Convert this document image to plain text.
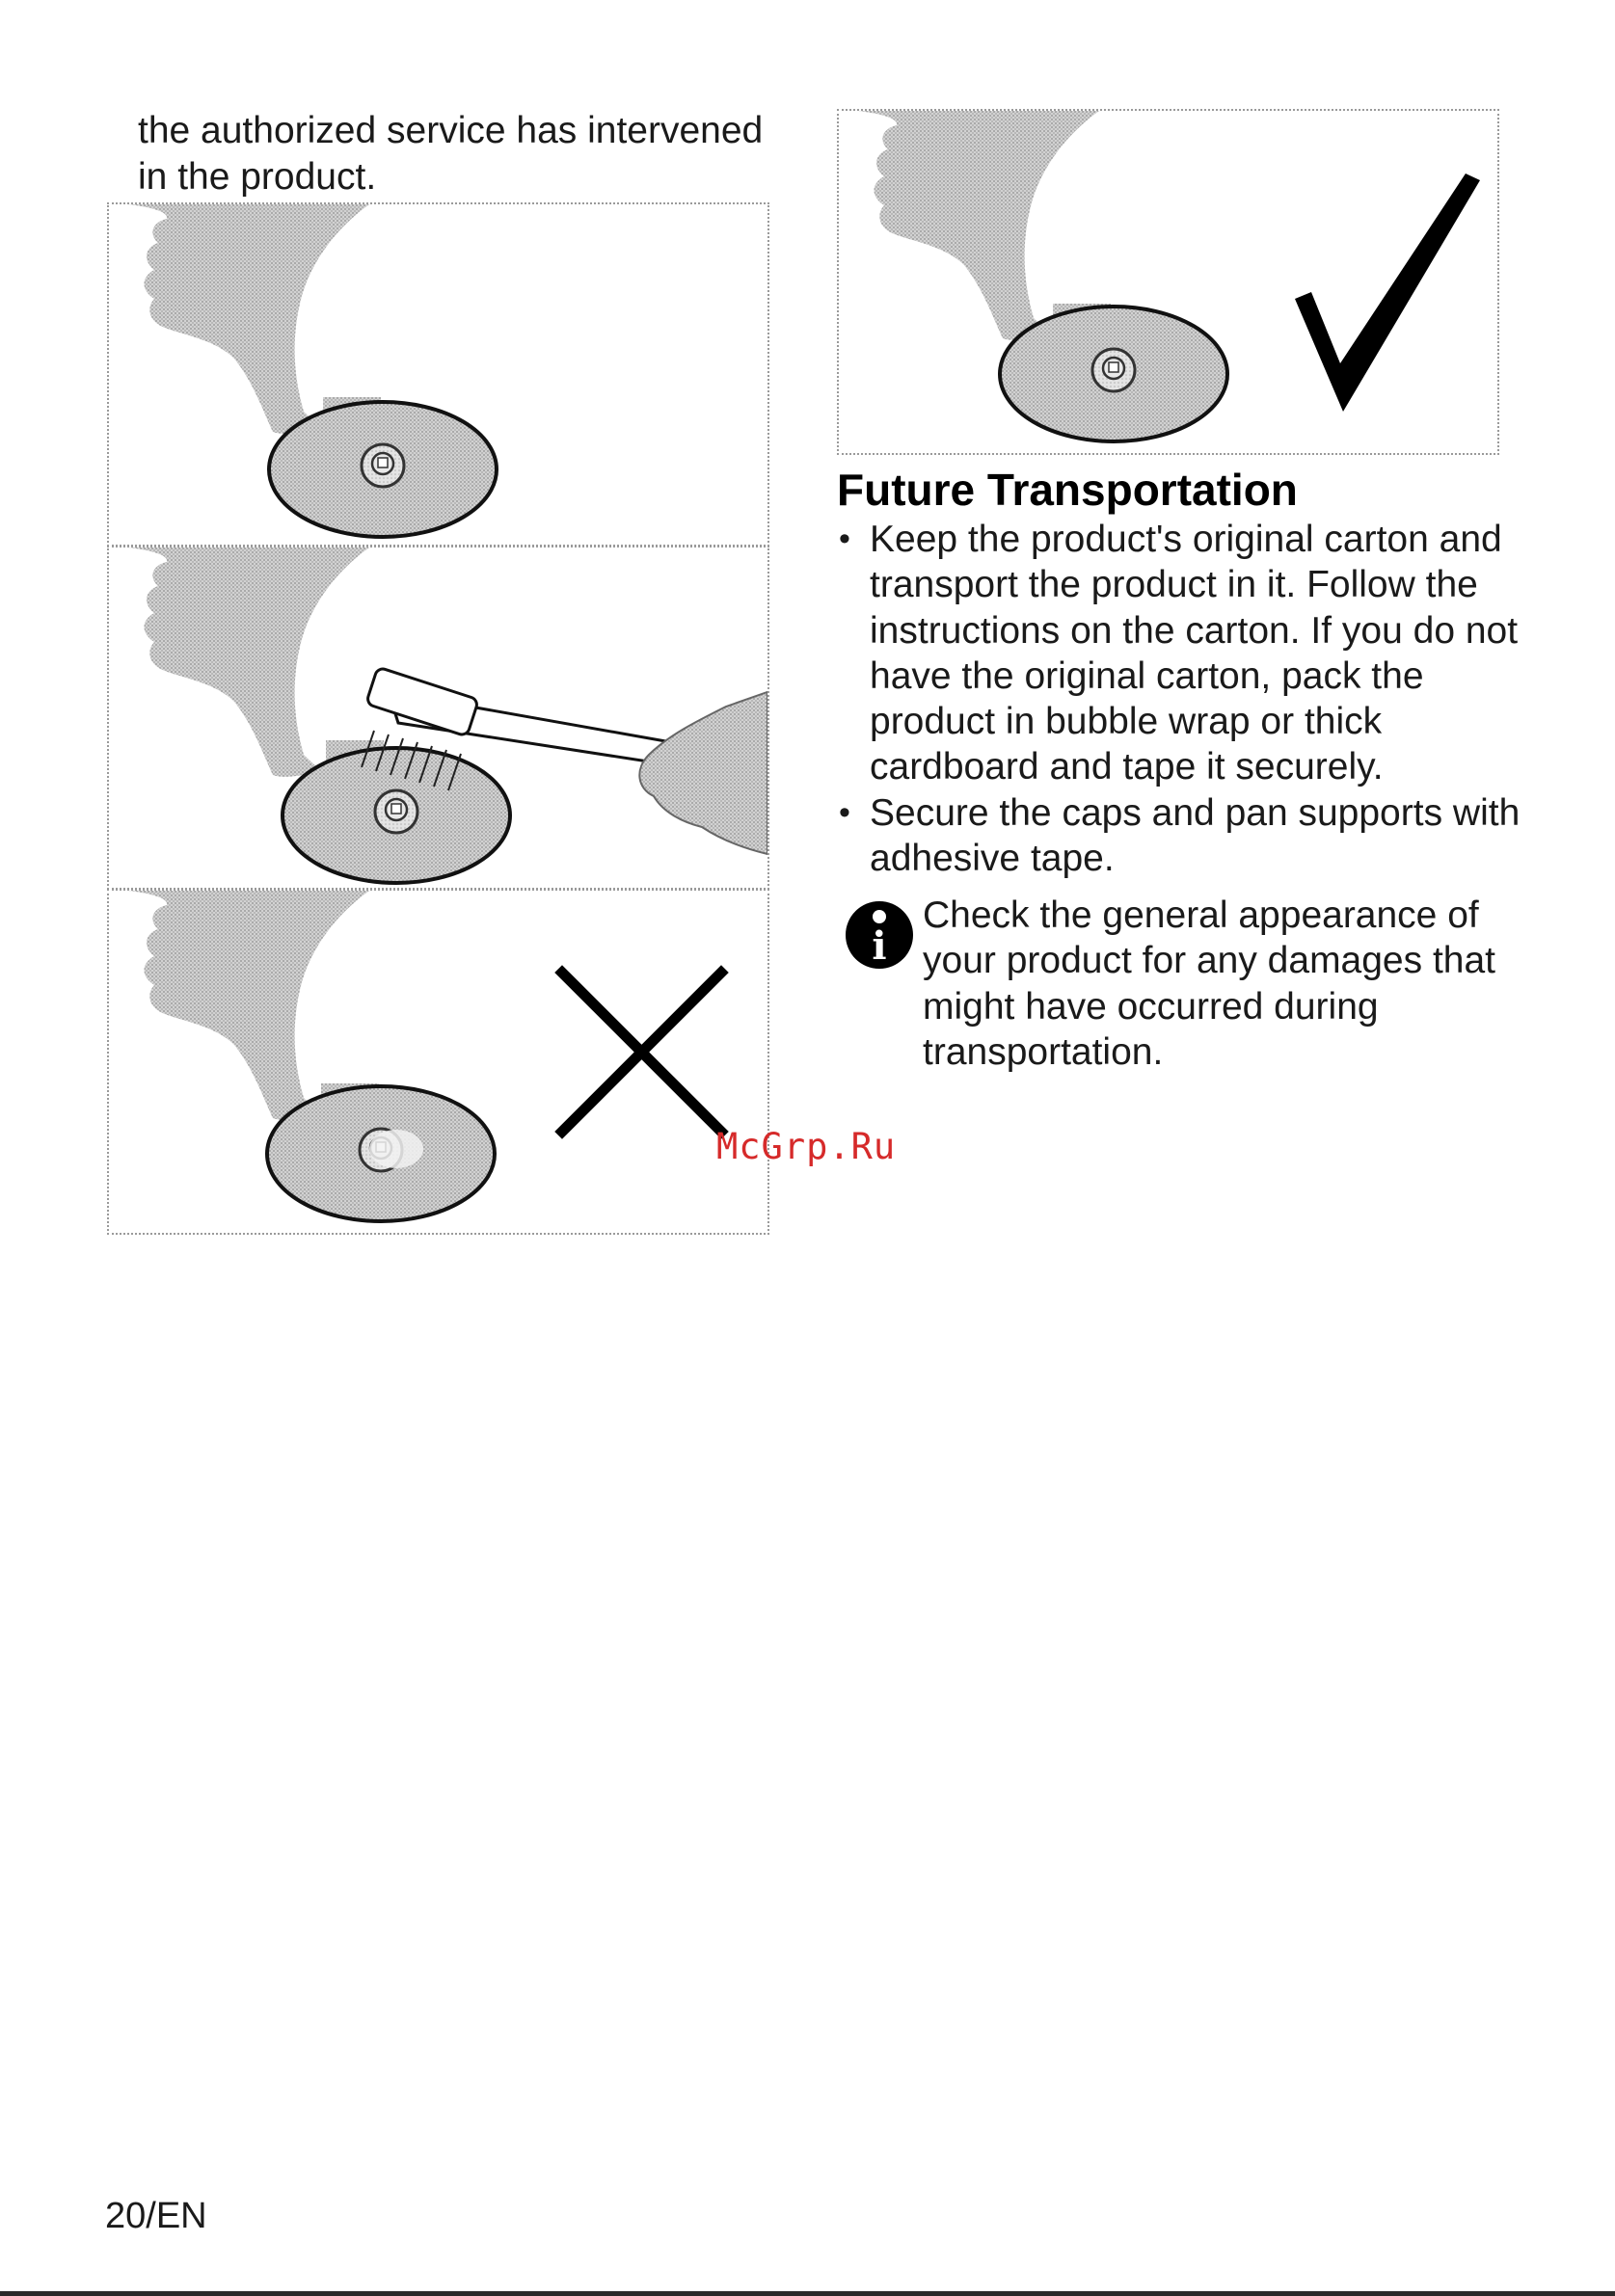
the authorized service has intervened in the product.
Future Transportation
• Keep the product's original carton and transport the product in it. Follow the instructions on the carton. If you do not have the original carton, pack the product in bubble wrap or thick cardboard and tape it securely.
• Secure the caps and pan supports with adhesive tape.
i
Check the general appearance of your product for any damages that might have occurred during transportation.
McGrp.Ru
20/EN
